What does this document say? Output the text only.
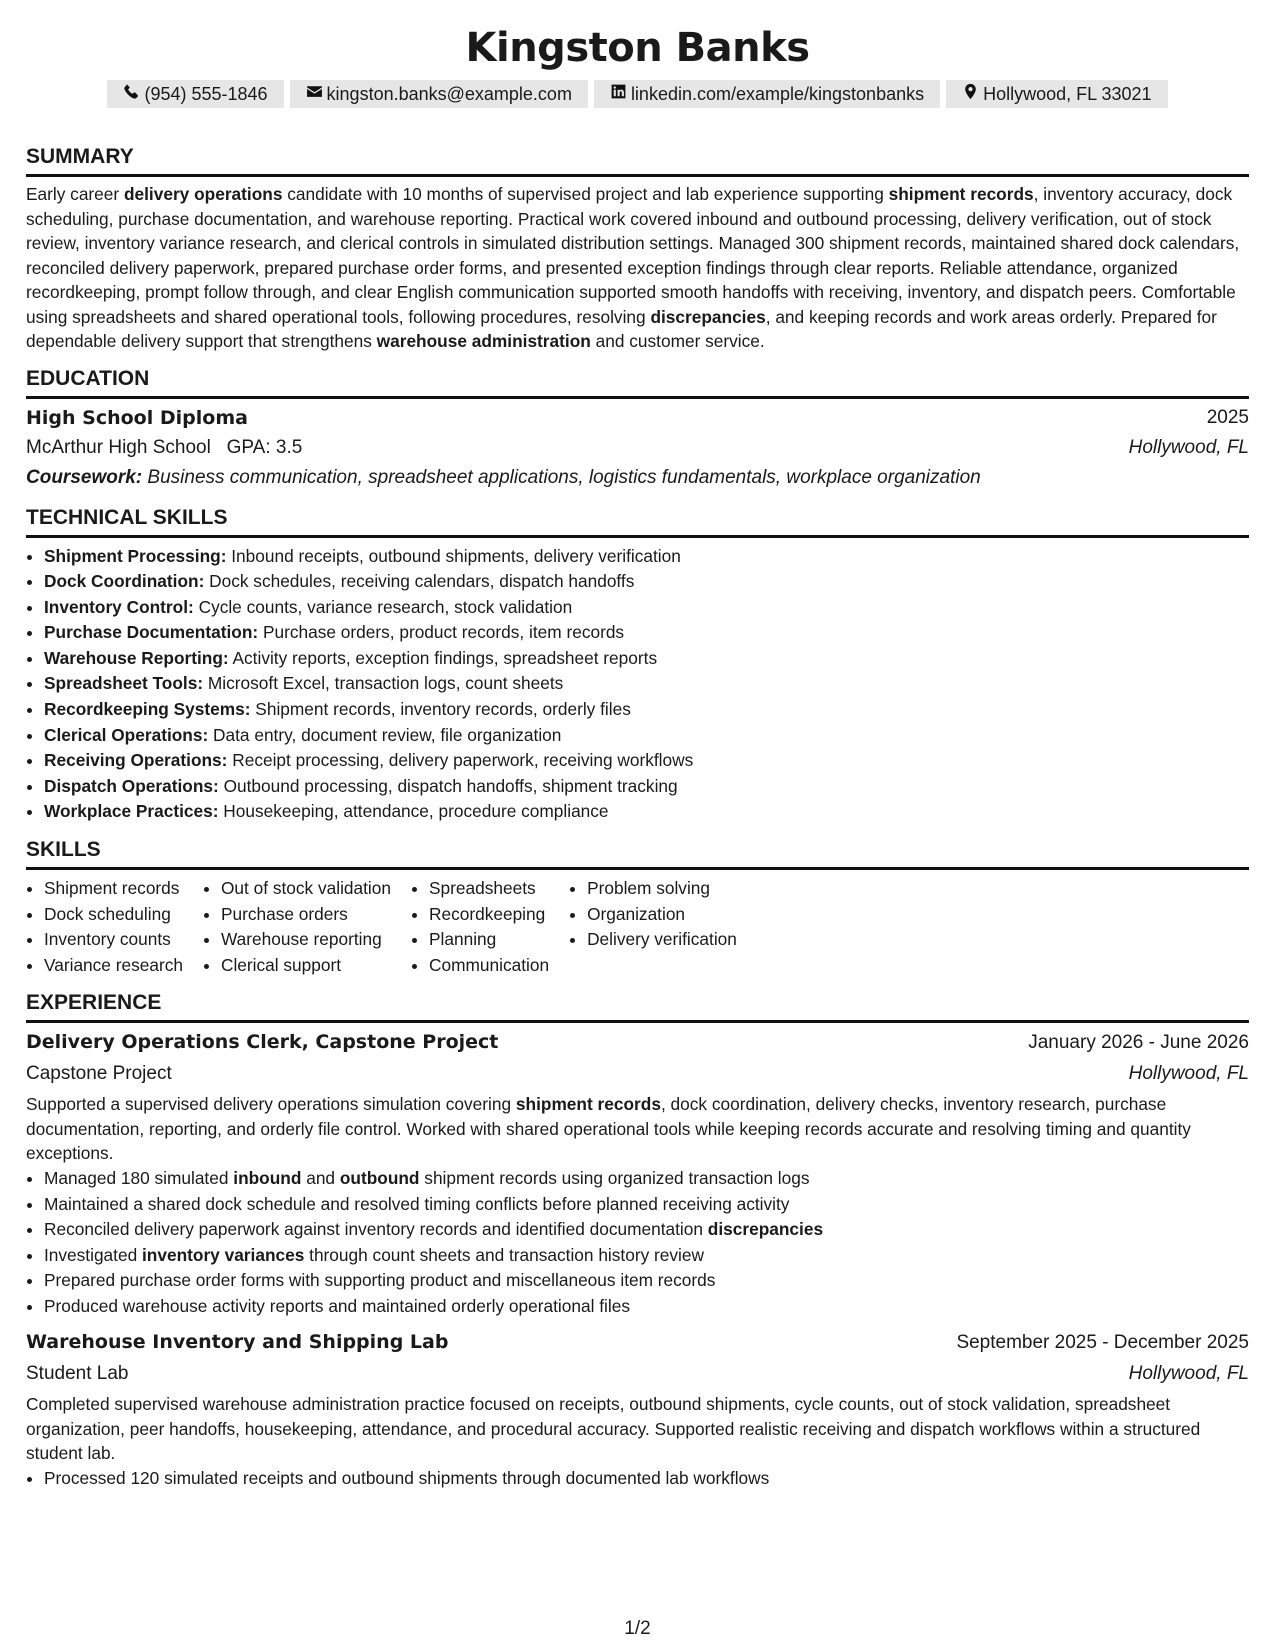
Kingston Banks
(954) 555-1846	kingston.banks@example.com	linkedin.com/example/kingstonbanks	Hollywood, FL 33021
SUMMARY

Early career delivery operations candidate with 10 months of supervised project and lab experience supporting shipment records, inventory accuracy, dock scheduling, purchase documentation, and warehouse reporting. Practical work covered inbound and outbound processing, delivery verification, out of stock review, inventory variance research, and clerical controls in simulated distribution settings. Managed 300 shipment records, maintained shared dock calendars, reconciled delivery paperwork, prepared purchase order forms, and presented exception findings through clear reports. Reliable attendance, organized recordkeeping, prompt follow through, and clear English communication supported smooth handoffs with receiving, inventory, and dispatch peers. Comfortable using spreadsheets and shared operational tools, following procedures, resolving discrepancies, and keeping records and work areas orderly. Prepared for dependable delivery support that strengthens warehouse administration and customer service.

EDUCATION
High School Diploma	2025
McArthur High School GPA: 3.5	Hollywood, FL
Coursework: Business communication, spreadsheet applications, logistics fundamentals, workplace organization
TECHNICAL SKILLS
• Shipment Processing: Inbound receipts, outbound shipments, delivery verification
• Dock Coordination: Dock schedules, receiving calendars, dispatch handoffs
• Inventory Control: Cycle counts, variance research, stock validation
• Purchase Documentation: Purchase orders, product records, item records
• Warehouse Reporting: Activity reports, exception findings, spreadsheet reports
• Spreadsheet Tools: Microsoft Excel, transaction logs, count sheets
• Recordkeeping Systems: Shipment records, inventory records, orderly files
• Clerical Operations: Data entry, document review, file organization
• Receiving Operations: Receipt processing, delivery paperwork, receiving workflows
• Dispatch Operations: Outbound processing, dispatch handoffs, shipment tracking
• Workplace Practices: Housekeeping, attendance, procedure compliance
SKILLS
• Shipment records
• Dock scheduling
• Inventory counts
• Variance research
• Out of stock validation
• Purchase orders
• Warehouse reporting
• Clerical support
• Spreadsheets
• Recordkeeping
• Planning
• Communication
• Problem solving
• Organization
• Delivery verification
EXPERIENCE
Delivery Operations Clerk, Capstone Project	January 2026 - June 2026
Capstone Project	Hollywood, FL

Supported a supervised delivery operations simulation covering shipment records, dock coordination, delivery checks, inventory research, purchase documentation, reporting, and orderly file control. Worked with shared operational tools while keeping records accurate and resolving timing and quantity exceptions.

• Managed 180 simulated inbound and outbound shipment records using organized transaction logs
• Maintained a shared dock schedule and resolved timing conflicts before planned receiving activity
• Reconciled delivery paperwork against inventory records and identified documentation discrepancies
• Investigated inventory variances through count sheets and transaction history review
• Prepared purchase order forms with supporting product and miscellaneous item records
• Produced warehouse activity reports and maintained orderly operational files
Warehouse Inventory and Shipping Lab	September 2025 - December 2025
Student Lab	Hollywood, FL

Completed supervised warehouse administration practice focused on receipts, outbound shipments, cycle counts, out of stock validation, spreadsheet organization, peer handoffs, housekeeping, attendance, and procedural accuracy. Supported realistic receiving and dispatch workflows within a structured student lab.

• Processed 120 simulated receipts and outbound shipments through documented lab workflows
1/2
